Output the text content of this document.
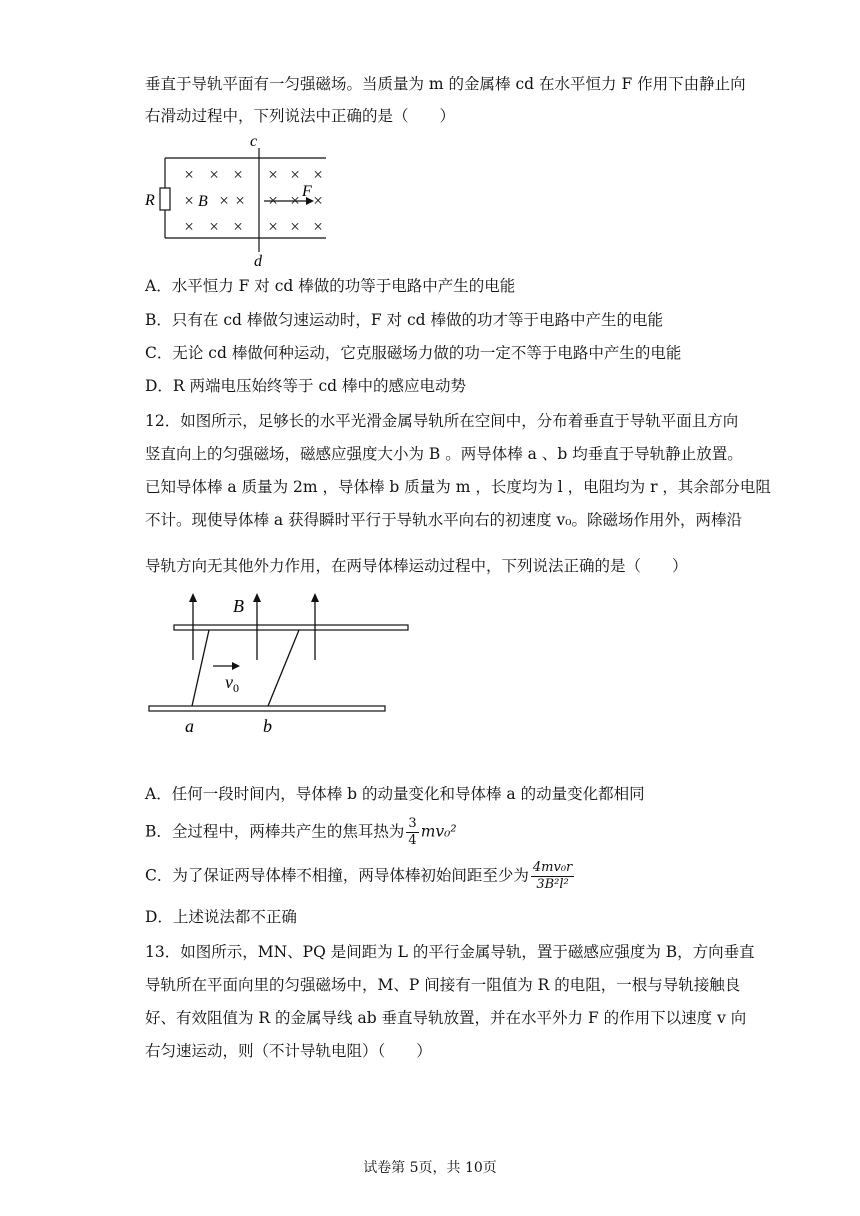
垂直于导轨平面有一匀强磁场。当质量为 m 的金属棒 cd 在水平恒力 F 作用下由静止向
右滑动过程中，下列说法中正确的是（　　）
× × × × × ×
× × × × × ×
× × × × × ×
c
d
R	B
F
A．水平恒力 F 对 cd 棒做的功等于电路中产生的电能
B．只有在 cd 棒做匀速运动时，F 对 cd 棒做的功才等于电路中产生的电能
C．无论 cd 棒做何种运动，它克服磁场力做的功一定不等于电路中产生的电能
D．R 两端电压始终等于 cd 棒中的感应电动势
12．如图所示，足够长的水平光滑金属导轨所在空间中，分布着垂直于导轨平面且方向
竖直向上的匀强磁场，磁感应强度大小为 B 。两导体棒 a 、b 均垂直于导轨静止放置。
已知导体棒 a 质量为 2m ，导体棒 b 质量为 m ，长度均为 l ，电阻均为 r ，其余部分电阻
不计。现使导体棒 a 获得瞬时平行于导轨水平向右的初速度 v₀。除磁场作用外，两棒沿
导轨方向无其他外力作用，在两导体棒运动过程中，下列说法正确的是（　　）
B
$v_0$
a	b
A．任何一段时间内，导体棒 b 的动量变化和导体棒 a 的动量变化都相同
B．全过程中，两棒共产生的焦耳热为 $\frac{3}{4} mv_0^2$
C．为了保证两导体棒不相撞，两导体棒初始间距至少为 $\frac{\text{4mv₀r}}{\text{3B²l²}}$
D．上述说法都不正确
13．如图所示，MN、PQ 是间距为 L 的平行金属导轨，置于磁感应强度为 B，方向垂直
导轨所在平面向里的匀强磁场中，M、P 间接有一阻值为 R 的电阻，一根与导轨接触良
好、有效阻值为 R 的金属导线 ab 垂直导轨放置，并在水平外力 F 的作用下以速度 v 向
右匀速运动，则（不计导轨电阻）（　　）
试卷第 5页，共 10页
